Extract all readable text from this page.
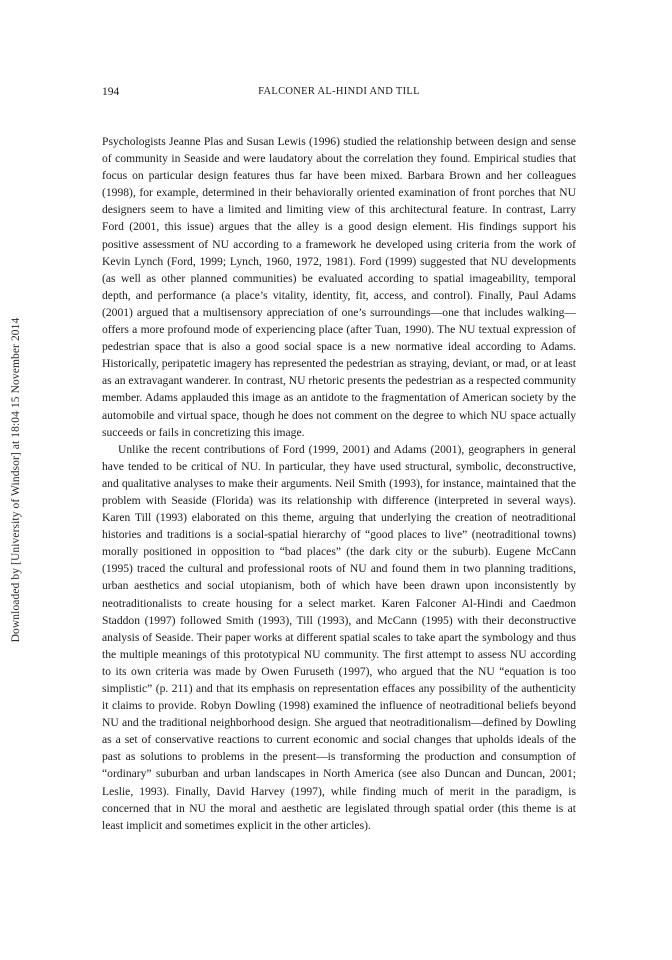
Downloaded by [University of Windsor] at 18:04 15 November 2014
194	FALCONER AL-HINDI AND TILL

Psychologists Jeanne Plas and Susan Lewis (1996) studied the relationship between design and sense of community in Seaside and were laudatory about the correlation they found. Empirical studies that focus on particular design features thus far have been mixed. Barbara Brown and her colleagues (1998), for example, determined in their behaviorally oriented examination of front porches that NU designers seem to have a limited and limiting view of this architectural feature. In contrast, Larry Ford (2001, this issue) argues that the alley is a good design element. His findings support his positive assessment of NU according to a framework he developed using criteria from the work of Kevin Lynch (Ford, 1999; Lynch, 1960, 1972, 1981). Ford (1999) suggested that NU developments (as well as other planned communities) be evaluated according to spatial imageability, temporal depth, and performance (a place’s vitality, identity, fit, access, and control). Finally, Paul Adams (2001) argued that a multisensory appreciation of one’s surroundings—one that includes walking—offers a more profound mode of experiencing place (after Tuan, 1990). The NU textual expression of pedestrian space that is also a good social space is a new normative ideal according to Adams. Historically, peripatetic imagery has represented the pedestrian as straying, deviant, or mad, or at least as an extravagant wanderer. In contrast, NU rhetoric presents the pedestrian as a respected community member. Adams applauded this image as an antidote to the fragmentation of American society by the automobile and virtual space, though he does not comment on the degree to which NU space actually succeeds or fails in concretizing this image.

Unlike the recent contributions of Ford (1999, 2001) and Adams (2001), geographers in general have tended to be critical of NU. In particular, they have used structural, symbolic, deconstructive, and qualitative analyses to make their arguments. Neil Smith (1993), for instance, maintained that the problem with Seaside (Florida) was its relationship with difference (interpreted in several ways). Karen Till (1993) elaborated on this theme, arguing that underlying the creation of neotraditional histories and traditions is a social-spatial hierarchy of “good places to live” (neotraditional towns) morally positioned in opposition to “bad places” (the dark city or the suburb). Eugene McCann (1995) traced the cultural and professional roots of NU and found them in two planning traditions, urban aesthetics and social utopianism, both of which have been drawn upon inconsistently by neotraditionalists to create housing for a select market. Karen Falconer Al-Hindi and Caedmon Staddon (1997) followed Smith (1993), Till (1993), and McCann (1995) with their deconstructive analysis of Seaside. Their paper works at different spatial scales to take apart the symbology and thus the multiple meanings of this prototypical NU community. The first attempt to assess NU according to its own criteria was made by Owen Furuseth (1997), who argued that the NU “equation is too simplistic” (p. 211) and that its emphasis on representation effaces any possibility of the authenticity it claims to provide. Robyn Dowling (1998) examined the influence of neotraditional beliefs beyond NU and the traditional neighborhood design. She argued that neotraditionalism—defined by Dowling as a set of conservative reactions to current economic and social changes that upholds ideals of the past as solutions to problems in the present—is transforming the production and consumption of “ordinary” suburban and urban landscapes in North America (see also Duncan and Duncan, 2001; Leslie, 1993). Finally, David Harvey (1997), while finding much of merit in the paradigm, is concerned that in NU the moral and aesthetic are legislated through spatial order (this theme is at least implicit and sometimes explicit in the other articles).
